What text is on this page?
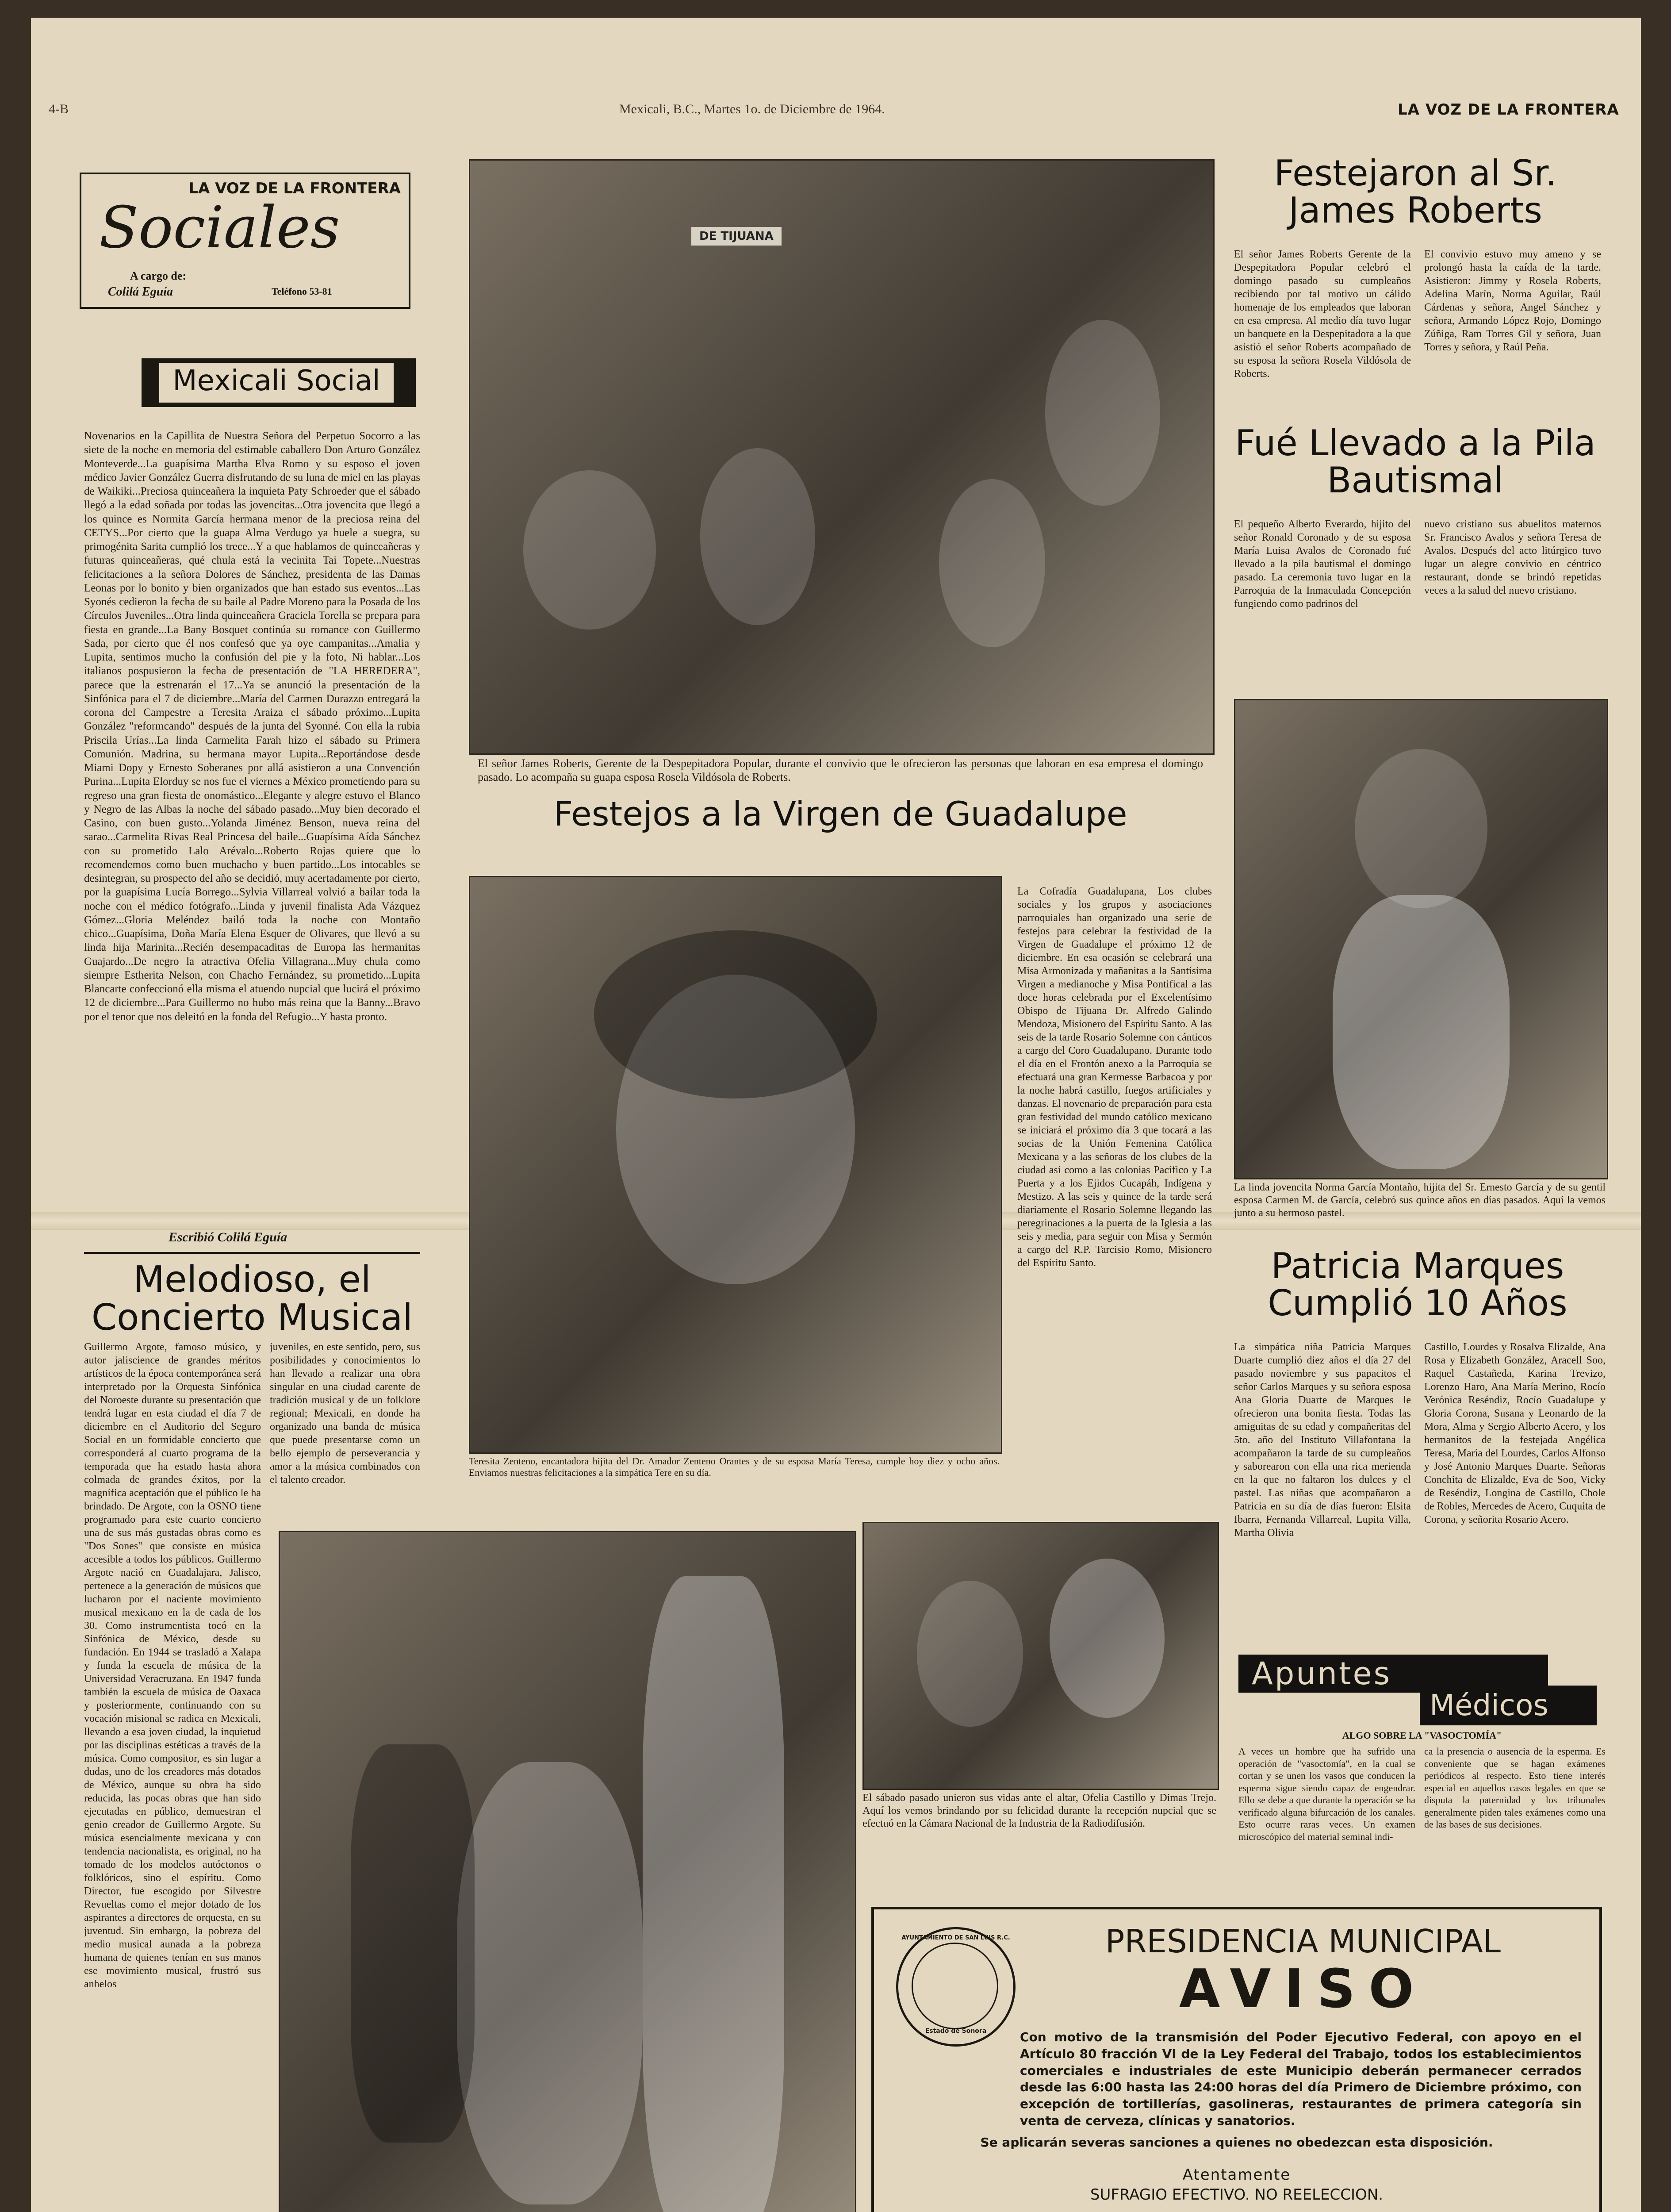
4-B	Mexicali, B.C., Martes 1o. de Diciembre de 1964.	LA VOZ DE LA FRONTERA
LA VOZ DE LA FRONTERA
Sociales
A cargo de:
Colilá Eguía	Teléfono 53-81
Mexicali Social
Novenarios en la Capillita de Nuestra Señora del Perpetuo Socorro a las siete de la noche en memoria del estimable caballero Don Arturo González Monteverde...La guapísima Martha Elva Romo y su esposo el joven médico Javier González Guerra disfrutando de su luna de miel en las playas de Waikiki...Preciosa quinceañera la inquieta Paty Schroeder que el sábado llegó a la edad soñada por todas las jovencitas...Otra jovencita que llegó a los quince es Normita García hermana menor de la preciosa reina del CETYS...Por cierto que la guapa Alma Verdugo ya huele a suegra, su primogénita Sarita cumplió los trece...Y a que hablamos de quinceañeras y futuras quinceañeras, qué chula está la vecinita Tai Topete...Nuestras felicitaciones a la señora Dolores de Sánchez, presidenta de las Damas Leonas por lo bonito y bien organizados que han estado sus eventos...Las Syonés cedieron la fecha de su baile al Padre Moreno para la Posada de los Círculos Juveniles...Otra linda quinceañera Graciela Torella se prepara para fiesta en grande...La Bany Bosquet continúa su romance con Guillermo Sada, por cierto que él nos confesó que ya oye campanitas...Amalia y Lupita, sentimos mucho la confusión del pie y la foto, Ni hablar...Los italianos pospusieron la fecha de presentación de "LA HEREDERA", parece que la estrenarán el 17...Ya se anunció la presentación de la Sinfónica para el 7 de diciembre...María del Carmen Durazzo entregará la corona del Campestre a Teresita Araiza el sábado próximo...Lupita González "reformcando" después de la junta del Syonné. Con ella la rubia Priscila Urías...La linda Carmelita Farah hizo el sábado su Primera Comunión. Madrina, su hermana mayor Lupita...Reportándose desde Miami Dopy y Ernesto Soberanes por allá asistieron a una Convención Purina...Lupita Elorduy se nos fue el viernes a México prometiendo para su regreso una gran fiesta de onomástico...Elegante y alegre estuvo el Blanco y Negro de las Albas la noche del sábado pasado...Muy bien decorado el Casino, con buen gusto...Yolanda Jiménez Benson, nueva reina del sarao...Carmelita Rivas Real Princesa del baile...Guapísima Aída Sánchez con su prometido Lalo Arévalo...Roberto Rojas quiere que lo recomendemos como buen muchacho y buen partido...Los intocables se desintegran, su prospecto del año se decidió, muy acertadamente por cierto, por la guapísima Lucía Borrego...Sylvia Villarreal volvió a bailar toda la noche con el médico fotógrafo...Linda y juvenil finalista Ada Vázquez Gómez...Gloria Meléndez bailó toda la noche con Montaño chico...Guapísima, Doña María Elena Esquer de Olivares, que llevó a su linda hija Marinita...Recién desempacaditas de Europa las hermanitas Guajardo...De negro la atractiva Ofelia Villagrana...Muy chula como siempre Estherita Nelson, con Chacho Fernández, su prometido...Lupita Blancarte confeccionó ella misma el atuendo nupcial que lucirá el próximo 12 de diciembre...Para Guillermo no hubo más reina que la Banny...Bravo por el tenor que nos deleitó en la fonda del Refugio...Y hasta pronto.
Escribió Colilá Eguía
Melodioso, el Concierto Musical
Guillermo Argote, famoso músico, y autor jaliscience de grandes méritos artísticos de la época contemporánea será interpretado por la Orquesta Sinfónica del Noroeste durante su presentación que tendrá lugar en esta ciudad el día 7 de diciembre en el Auditorio del Seguro Social en un formidable concierto que corresponderá al cuarto programa de la temporada que ha estado hasta ahora colmada de grandes éxitos, por la magnífica aceptación que el público le ha brindado. De Argote, con la OSNO tiene programado para este cuarto concierto una de sus más gustadas obras como es "Dos Sones" que consiste en música accesible a todos los públicos. Guillermo Argote nació en Guadalajara, Jalisco, pertenece a la generación de músicos que lucharon por el naciente movimiento musical mexicano en la de cada de los 30. Como instrumentista tocó en la Sinfónica de México, desde su fundación. En 1944 se trasladó a Xalapa y funda la escuela de música de la Universidad Veracruzana. En 1947 funda también la escuela de música de Oaxaca y posteriormente, continuando con su vocación misional se radica en Mexicali, llevando a esa joven ciudad, la inquietud por las disciplinas estéticas a través de la música. Como compositor, es sin lugar a dudas, uno de los creadores más dotados de México, aunque su obra ha sido reducida, las pocas obras que han sido ejecutadas en público, demuestran el genio creador de Guillermo Argote. Su música esencialmente mexicana y con tendencia nacionalista, es original, no ha tomado de los modelos autóctonos o folklóricos, sino el espíritu. Como Director, fue escogido por Silvestre Revueltas como el mejor dotado de los aspirantes a directores de orquesta, en su juventud. Sin embargo, la pobreza del medio musical aunada a la pobreza humana de quienes tenían en sus manos ese movimiento musical, frustró sus anhelos
juveniles, en este sentido, pero, sus posibilidades y conocimientos lo han llevado a realizar una obra singular en una ciudad carente de tradición musical y de un folklore regional; Mexicali, en donde ha organizado una banda de música que puede presentarse como un bello ejemplo de perseverancia y amor a la música combinados con el talento creador.
DE TIJUANA
El señor James Roberts, Gerente de la Despepitadora Popular, durante el convivio que le ofrecieron las personas que laboran en esa empresa el domingo pasado. Lo acompaña su guapa esposa Rosela Vildósola de Roberts.
Festejaron al Sr. James Roberts
El señor James Roberts Gerente de la Despepitadora Popular celebró el domingo pasado su cumpleaños recibiendo por tal motivo un cálido homenaje de los empleados que laboran en esa empresa. Al medio día tuvo lugar un banquete en la Despepitadora a la que asistió el señor Roberts acompañado de su esposa la señora Rosela Vildósola de Roberts.
El convivio estuvo muy ameno y se prolongó hasta la caída de la tarde. Asistieron: Jimmy y Rosela Roberts, Adelina Marín, Norma Aguilar, Raúl Cárdenas y señora, Angel Sánchez y señora, Armando López Rojo, Domingo Zúñiga, Ram Torres Gil y señora, Juan Torres y señora, y Raúl Peña.
Fué Llevado a la Pila Bautismal
El pequeño Alberto Everardo, hijito del señor Ronald Coronado y de su esposa María Luisa Avalos de Coronado fué llevado a la pila bautismal el domingo pasado. La ceremonia tuvo lugar en la Parroquia de la Inmaculada Concepción fungiendo como padrinos del
nuevo cristiano sus abuelitos maternos Sr. Francisco Avalos y señora Teresa de Avalos. Después del acto litúrgico tuvo lugar un alegre convivio en céntrico restaurant, donde se brindó repetidas veces a la salud del nuevo cristiano.
Festejos a la Virgen de Guadalupe
Teresita Zenteno, encantadora hijita del Dr. Amador Zenteno Orantes y de su esposa María Teresa, cumple hoy diez y ocho años. Enviamos nuestras felicitaciones a la simpática Tere en su día.
La Cofradía Guadalupana, Los clubes sociales y los grupos y asociaciones parroquiales han organizado una serie de festejos para celebrar la festividad de la Virgen de Guadalupe el próximo 12 de diciembre. En esa ocasión se celebrará una Misa Armonizada y mañanitas a la Santísima Virgen a medianoche y Misa Pontifical a las doce horas celebrada por el Excelentísimo Obispo de Tijuana Dr. Alfredo Galindo Mendoza, Misionero del Espíritu Santo. A las seis de la tarde Rosario Solemne con cánticos a cargo del Coro Guadalupano. Durante todo el día en el Frontón anexo a la Parroquia se efectuará una gran Kermesse Barbacoa y por la noche habrá castillo, fuegos artificiales y danzas. El novenario de preparación para esta gran festividad del mundo católico mexicano se iniciará el próximo día 3 que tocará a las socias de la Unión Femenina Católica Mexicana y a las señoras de los clubes de la ciudad así como a las colonias Pacífico y La Puerta y a los Ejidos Cucapáh, Indígena y Mestizo. A las seis y quince de la tarde será diariamente el Rosario Solemne llegando las peregrinaciones a la puerta de la Iglesia a las seis y media, para seguir con Misa y Sermón a cargo del R.P. Tarcisio Romo, Misionero del Espíritu Santo.
La linda jovencita Norma García Montaño, hijita del Sr. Ernesto García y de su gentil esposa Carmen M. de García, celebró sus quince años en días pasados. Aquí la vemos junto a su hermoso pastel.
Patricia Marques Cumplió 10 Años
La simpática niña Patricia Marques Duarte cumplió diez años el día 27 del pasado noviembre y sus papacitos el señor Carlos Marques y su señora esposa Ana Gloria Duarte de Marques le ofrecieron una bonita fiesta. Todas las amiguitas de su edad y compañeritas del 5to. año del Instituto Villafontana la acompañaron la tarde de su cumpleaños y saborearon con ella una rica merienda en la que no faltaron los dulces y el pastel. Las niñas que acompañaron a Patricia en su día de días fueron: Elsita Ibarra, Fernanda Villarreal, Lupita Villa, Martha Olivia
Castillo, Lourdes y Rosalva Elizalde, Ana Rosa y Elizabeth González, Aracell Soo, Raquel Castañeda, Karina Trevizo, Lorenzo Haro, Ana María Merino, Rocío Verónica Reséndiz, Rocío Guadalupe y Gloria Corona, Susana y Leonardo de la Mora, Alma y Sergio Alberto Acero, y los hermanitos de la festejada Angélica Teresa, María del Lourdes, Carlos Alfonso y José Antonio Marques Duarte. Señoras Conchita de Elizalde, Eva de Soo, Vicky de Reséndiz, Longina de Castillo, Chole de Robles, Mercedes de Acero, Cuquita de Corona, y señorita Rosario Acero.
El sábado pasado unieron sus vidas ante el altar, Ofelia Castillo y Dimas Trejo. Aquí los vemos brindando por su felicidad durante la recepción nupcial que se efectuó en la Cámara Nacional de la Industria de la Radiodifusión.
Apuntes
Médicos
ALGO SOBRE LA "VASOCTOMÍA"
A veces un hombre que ha sufrido una operación de "vasoctomía", en la cual se cortan y se unen los vasos que conducen la esperma sigue siendo capaz de engendrar. Ello se debe a que durante la operación se ha verificado alguna bifurcación de los canales. Esto ocurre raras veces. Un examen microscópico del material seminal indi-
ca la presencia o ausencia de la esperma. Es conveniente que se hagan exámenes periódicos al respecto. Esto tiene interés especial en aquellos casos legales en que se disputa la paternidad y los tribunales generalmente piden tales exámenes como una de las bases de sus decisiones.
AYUNTAMIENTO DE SAN LUIS R.C.
Estado de Sonora
PRESIDENCIA MUNICIPAL
AVISO
Con motivo de la transmisión del Poder Ejecutivo Federal, con apoyo en el Artículo 80 fracción VI de la Ley Federal del Trabajo, todos los establecimientos comerciales e industriales de este Municipio deberán permanecer cerrados desde las 6:00 hasta las 24:00 horas del día Primero de Diciembre próximo, con excepción de tortillerías, gasolineras, restaurantes de primera categoría sin venta de cerveza, clínicas y sanatorios.
Se aplicarán severas sanciones a quienes no obedezcan esta disposición.
Atentamente
SUFRAGIO EFECTIVO. NO REELECCION.
